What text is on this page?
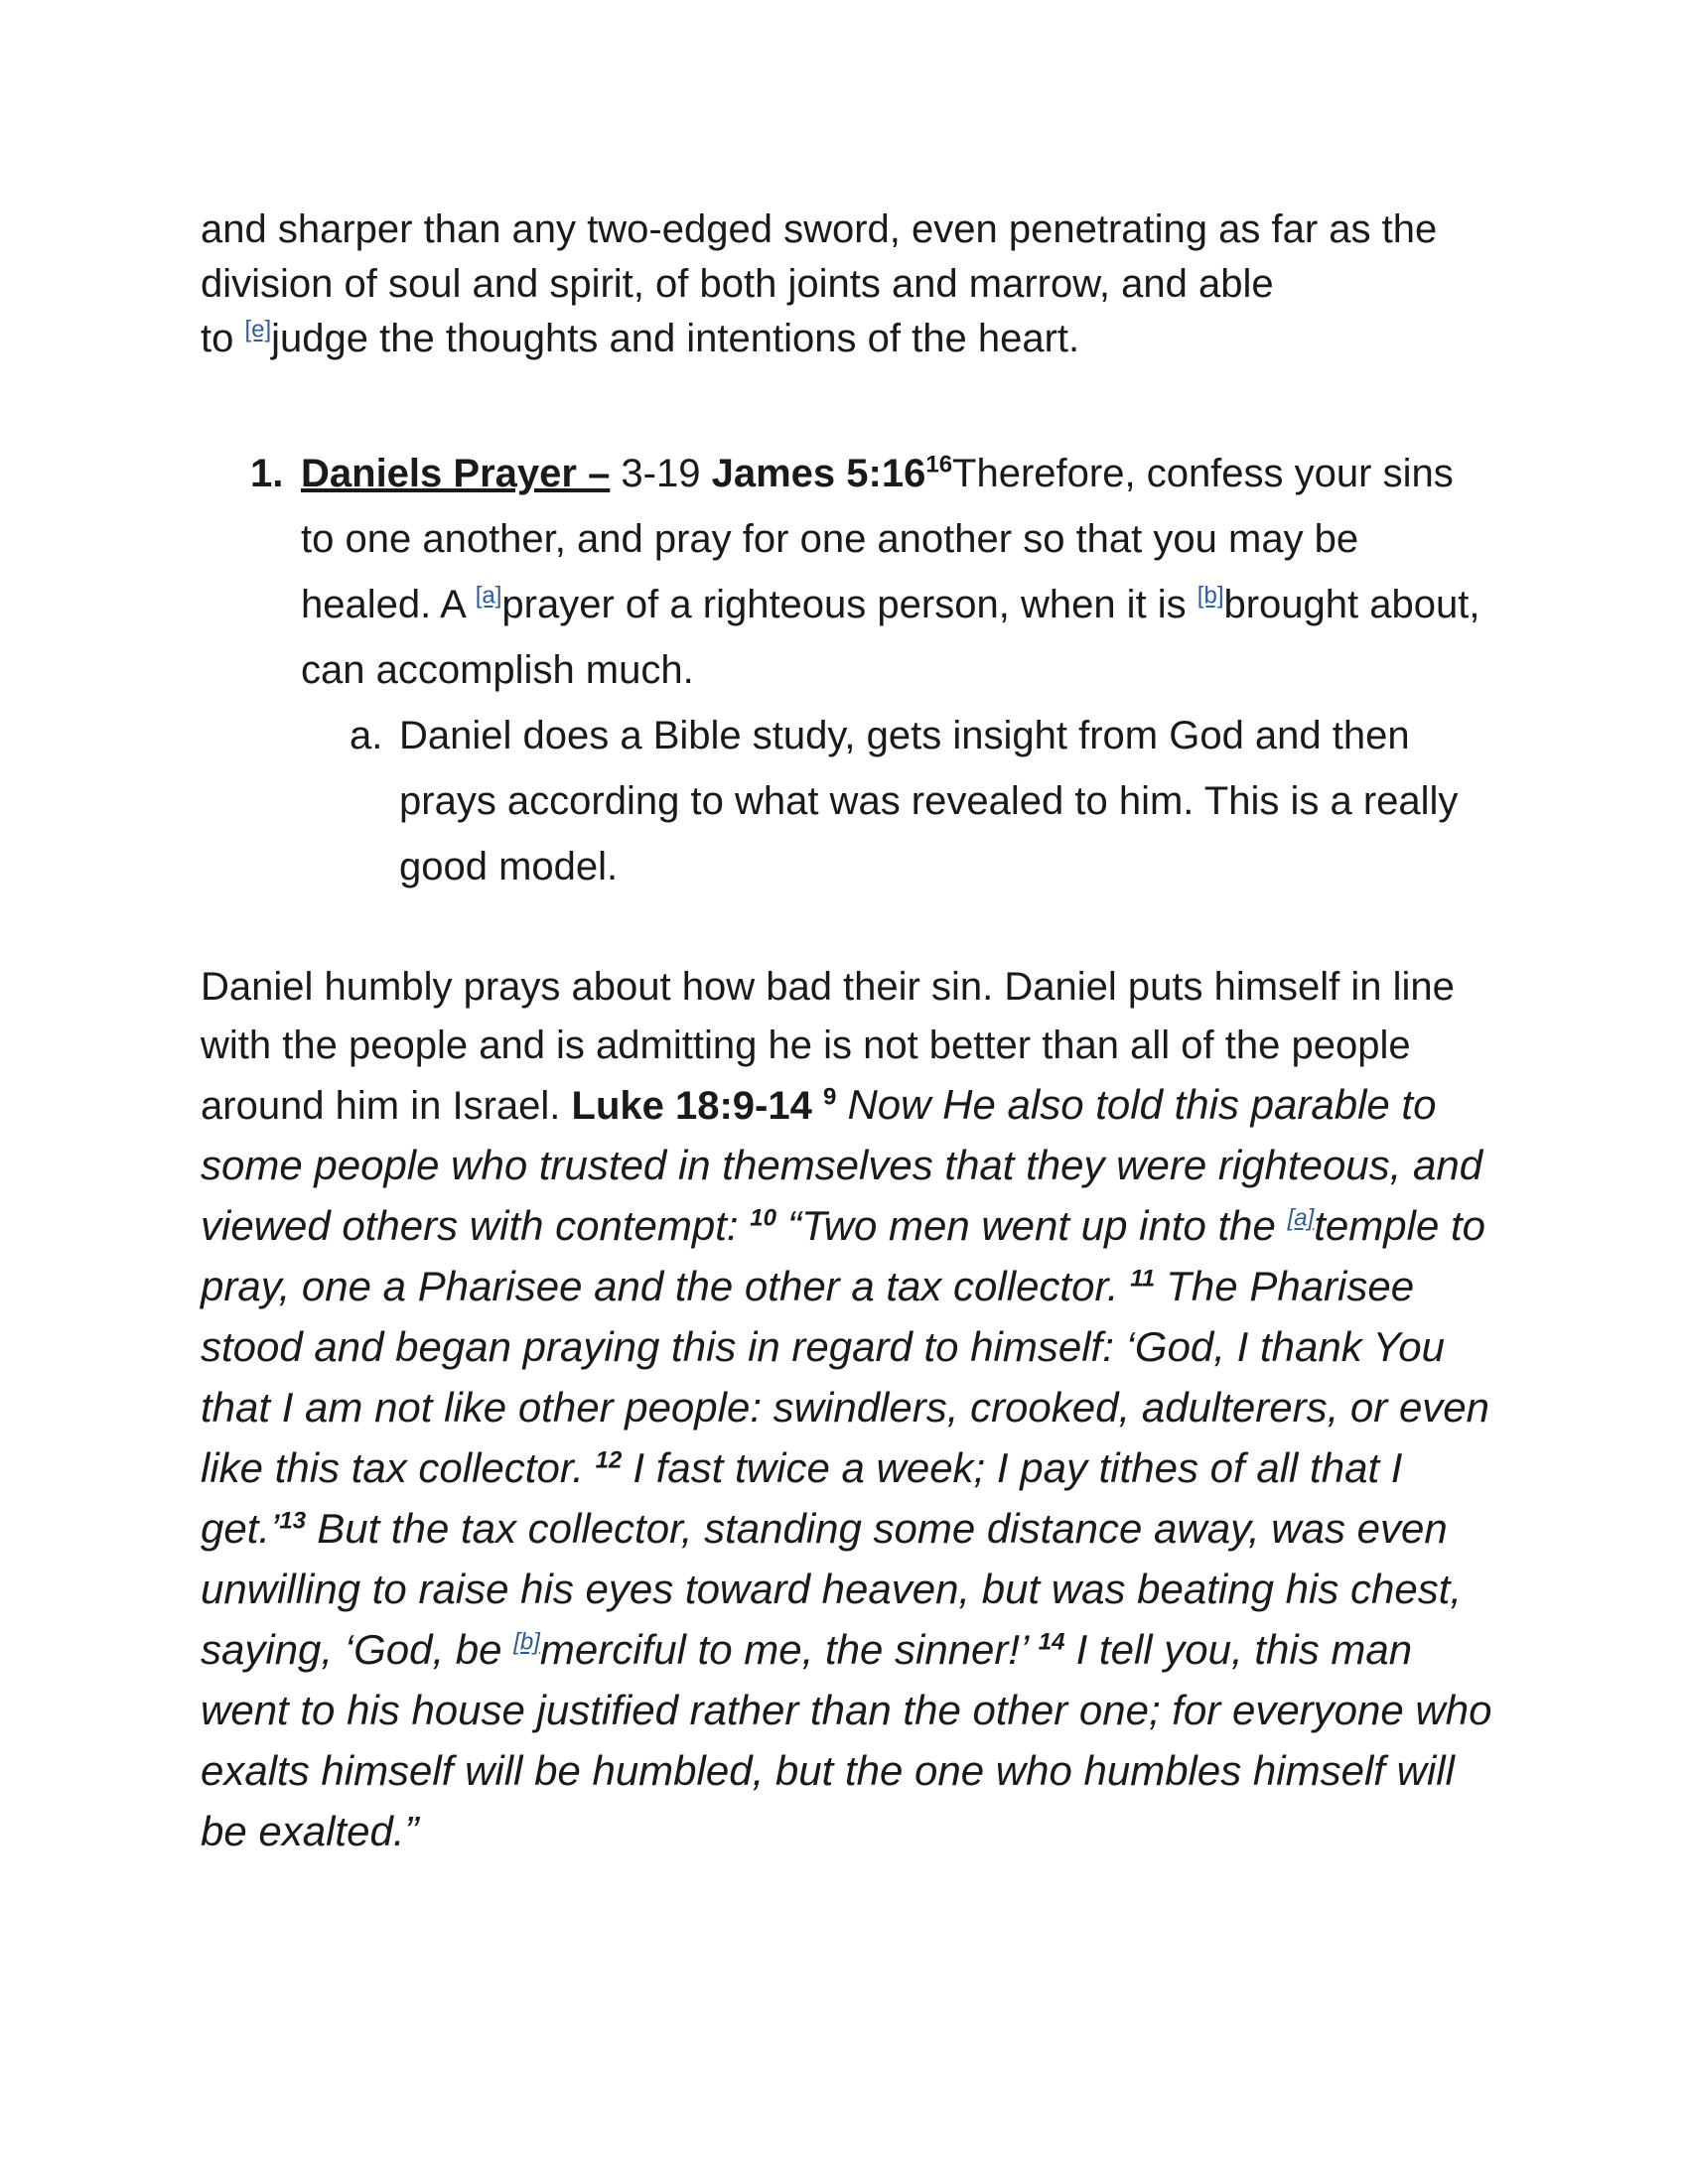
and sharper than any two-edged sword, even penetrating as far as the
division of soul and spirit, of both joints and marrow, and able
to [e]judge the thoughts and intentions of the heart.
1. Daniels Prayer – 3-19 James $5:16^{16}Therefore$, confess your sins to one another, and pray for one another so that you may be healed. A [a]prayer of a righteous person, when it is [b]brought about, can accomplish much.
a. Daniel does a Bible study, gets insight from God and then prays according to what was revealed to him. This is a really good model.
Daniel humbly prays about how bad their sin. Daniel puts himself in line with the people and is admitting he is not better than all of the people around him in Israel. Luke 18:9-14 $^9$ Now He also told this parable to some people who trusted in themselves that they were righteous, and viewed others with contempt: $^{10}$ “Two men went up into the [a]temple to pray, one a Pharisee and the other a tax collector. $^{11}$ The Pharisee stood and began praying this in regard to himself: ‘God, I thank You that I am not like other people: swindlers, crooked, adulterers, or even like this tax collector. $^{12}$ I fast twice a week; I pay tithes of all that I get.’$^{13}$ But the tax collector, standing some distance away, was even unwilling to raise his eyes toward heaven, but was beating his chest, saying, ‘God, be [b]merciful to me, the sinner!’ $^{14}$ I tell you, this man went to his house justified rather than the other one; for everyone who exalts himself will be humbled, but the one who humbles himself will be exalted.”
